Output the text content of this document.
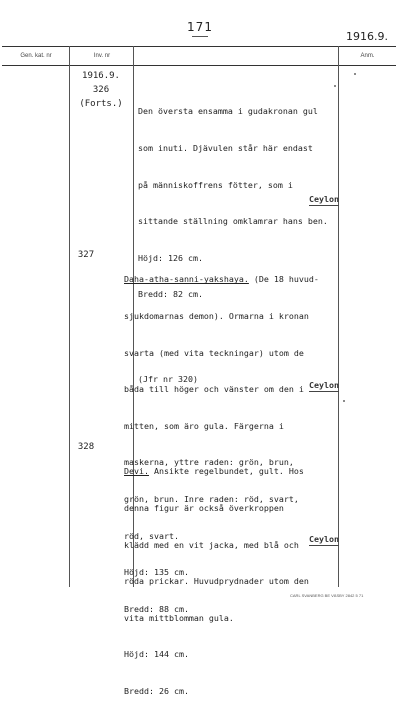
171
1916.9.
Gen. kat. nr	Inv. nr	Anm.
1916.9.
326
(Forts.)

Den översta ensamma i gudakronan gul

som inuti. Djävulen står här endast

på människoffrens fötter, som i

sittande ställning omklamrar hans ben.

Höjd: 126 cm.

Bredd: 82 cm.

(Jfr nr 320)

Ceylon
327

Daha-atha-sanni-yakshaya. (De 18 huvud-

sjukdomarnas demon). Ormarna i kronan

svarta (med vita teckningar) utom de

båda till höger och vänster om den i

mitten, som äro gula. Färgerna i

maskerna, yttre raden: grön, brun,

grön, brun. Inre raden: röd, svart,

röd, svart.

Höjd: 135 cm.

Bredd: 88 cm.

Ceylon
328

Devi. Ansikte regelbundet, gult. Hos

denna figur är också överkroppen

klädd med en vit jacka, med blå och

röda prickar. Huvudprydnader utom den

vita mittblomman gula.

Höjd: 144 cm.

Bredd: 26 cm.

Ceylon
CARL SVANBERG BE VÄSBY 2842 5 71
